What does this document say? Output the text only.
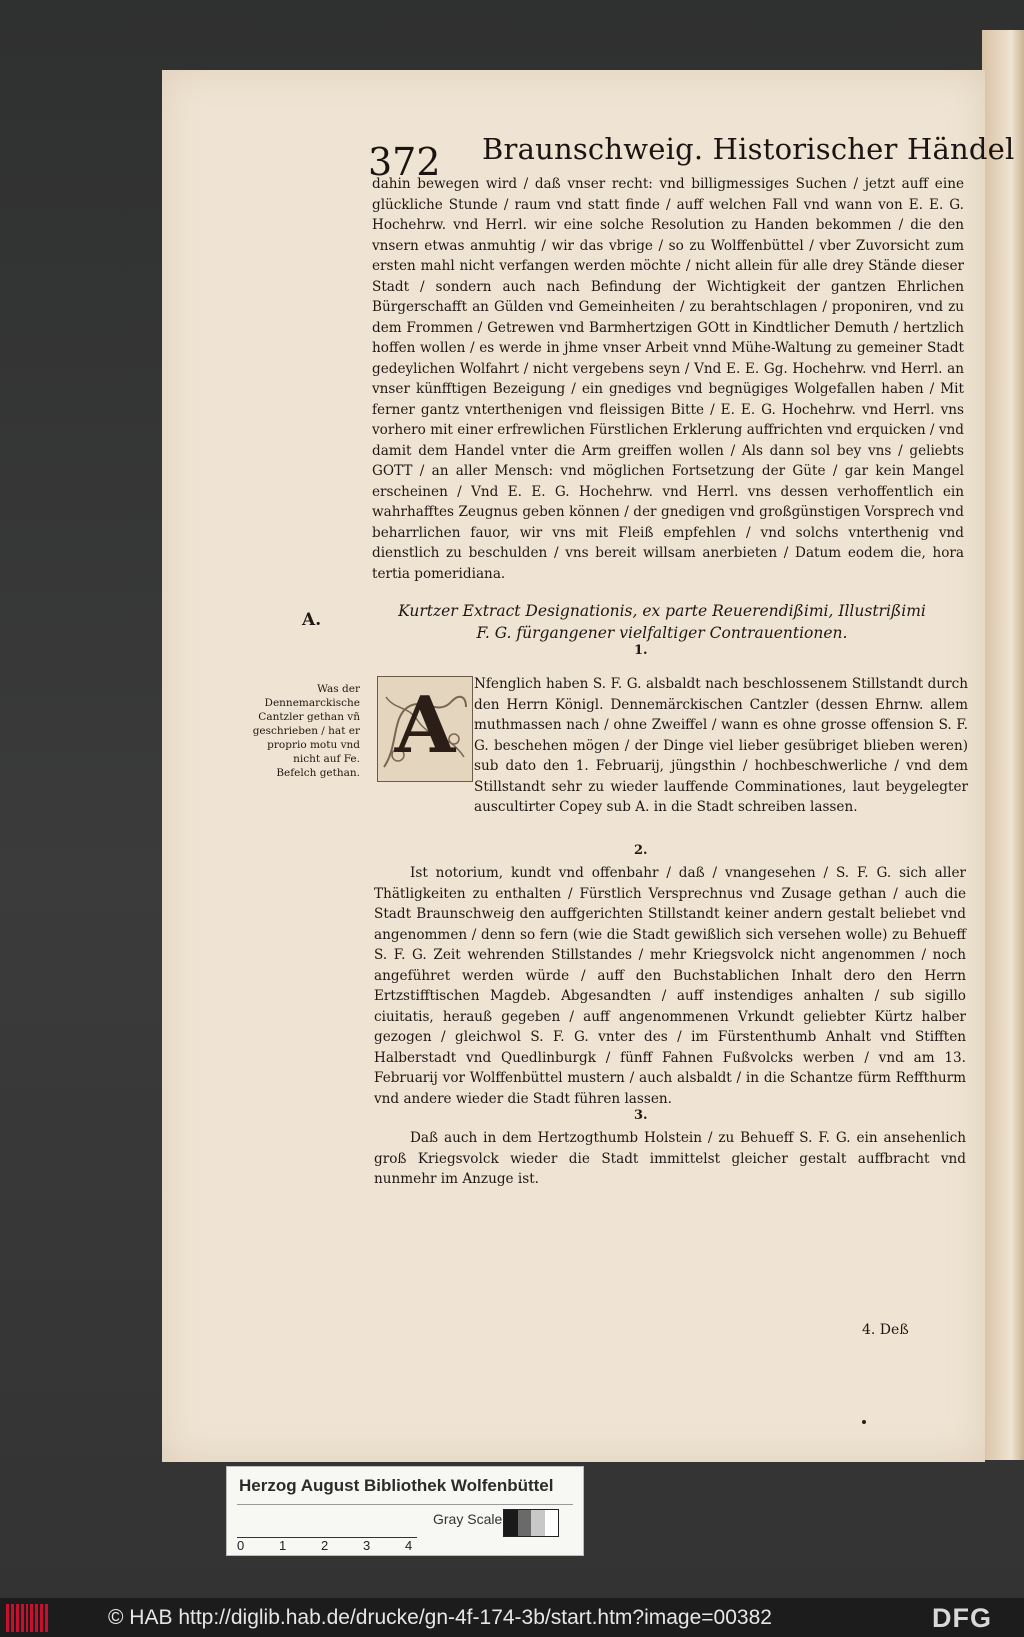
372 Braunschweig. Historischer Händel

dahin bewegen wird / daß vnser recht: vnd billigmessiges Suchen / jetzt auff eine glückliche Stunde / raum vnd statt finde / auff welchen Fall vnd wann von E. E. G. Hochehrw. vnd Herrl. wir eine solche Resolution zu Handen bekommen / die den vnsern etwas anmuhtig / wir das vbrige / so zu Wolffenbüttel / vber Zuvorsicht zum ersten mahl nicht verfangen werden möchte / nicht allein für alle drey Stände dieser Stadt / sondern auch nach Befindung der Wichtigkeit der gantzen Ehrlichen Bürgerschafft an Gülden vnd Gemeinheiten / zu berahtschlagen / proponiren, vnd zu dem Frommen / Getrewen vnd Barmhertzigen GOtt in Kindtlicher Demuth / hertzlich hoffen wollen / es werde in jhme vnser Arbeit vnnd Mühe-Waltung zu gemeiner Stadt gedeylichen Wolfahrt / nicht vergebens seyn / Vnd E. E. Gg. Hochehrw. vnd Herrl. an vnser künfftigen Bezeigung / ein gnediges vnd begnügiges Wolgefallen haben / Mit ferner gantz vnterthenigen vnd fleissigen Bitte / E. E. G. Hochehrw. vnd Herrl. vns vorhero mit einer erfrewlichen Fürstlichen Erklerung auffrichten vnd erquicken / vnd damit dem Handel vnter die Arm greiffen wollen / Als dann sol bey vns / geliebts GOTT / an aller Mensch: vnd möglichen Fortsetzung der Güte / gar kein Mangel erscheinen / Vnd E. E. G. Hochehrw. vnd Herrl. vns dessen verhoffentlich ein wahrhafftes Zeugnus geben können / der gnedigen vnd großgünstigen Vorsprech vnd beharrlichen fauor, wir vns mit Fleiß empfehlen / vnd solchs vnterthenig vnd dienstlich zu beschulden / vns bereit willsam anerbieten / Datum eodem die, hora tertia pomeridiana.

A.	Kurtzer Extract Designationis, ex parte Reuerendißimi, Illustrißimi F. G. fürgangener vielfaltiger Contrauentionen.

1.

Was der Dennemarckische Cantzler gethan vñ geschrieben / hat er proprio motu vnd nicht auf Fe. Befelch gethan.

A	Nfenglich haben S. F. G. alsbaldt nach beschlossenem Stillstandt durch den Herrn Königl. Dennemärckischen Cantzler (dessen Ehrnw. allem muthmassen nach / ohne Zweiffel / wann es ohne grosse offension S. F. G. beschehen mögen / der Dinge viel lieber gesübriget blieben weren) sub dato den 1. Februarij, jüngsthin / hochbeschwerliche / vnd dem Stillstandt sehr zu wieder lauffende Comminationes, laut beygelegter auscultirter Copey sub A. in die Stadt schreiben lassen.

2.

Ist notorium, kundt vnd offenbahr / daß / vnangesehen / S. F. G. sich aller Thätligkeiten zu enthalten / Fürstlich Versprechnus vnd Zusage gethan / auch die Stadt Braunschweig den auffgerichten Stillstandt keiner andern gestalt beliebet vnd angenommen / denn so fern (wie die Stadt gewißlich sich versehen wolle) zu Behueff S. F. G. Zeit wehrenden Stillstandes / mehr Kriegsvolck nicht angenommen / noch angeführet werden würde / auff den Buchstablichen Inhalt dero den Herrn Ertzstifftischen Magdeb. Abgesandten / auff instendiges anhalten / sub sigillo ciuitatis, herauß gegeben / auff angenommenen Vrkundt geliebter Kürtz halber gezogen / gleichwol S. F. G. vnter des / im Fürstenthumb Anhalt vnd Stifften Halberstadt vnd Quedlinburgk / fünff Fahnen Fußvolcks werben / vnd am 13. Februarij vor Wolffenbüttel mustern / auch alsbaldt / in die Schantze fürm Reffthurm vnd andere wieder die Stadt führen lassen.

3.

Daß auch in dem Hertzogthumb Holstein / zu Behueff S. F. G. ein ansehenlich groß Kriegsvolck wieder die Stadt immittelst gleicher gestalt auffbracht vnd nunmehr im Anzuge ist.

4. Deß
Herzog August Bibliothek Wolfenbüttel
Gray Scale
0	1	2	3	4
© HAB http://diglib.hab.de/drucke/gn-4f-174-3b/start.htm?image=00382	DFG
